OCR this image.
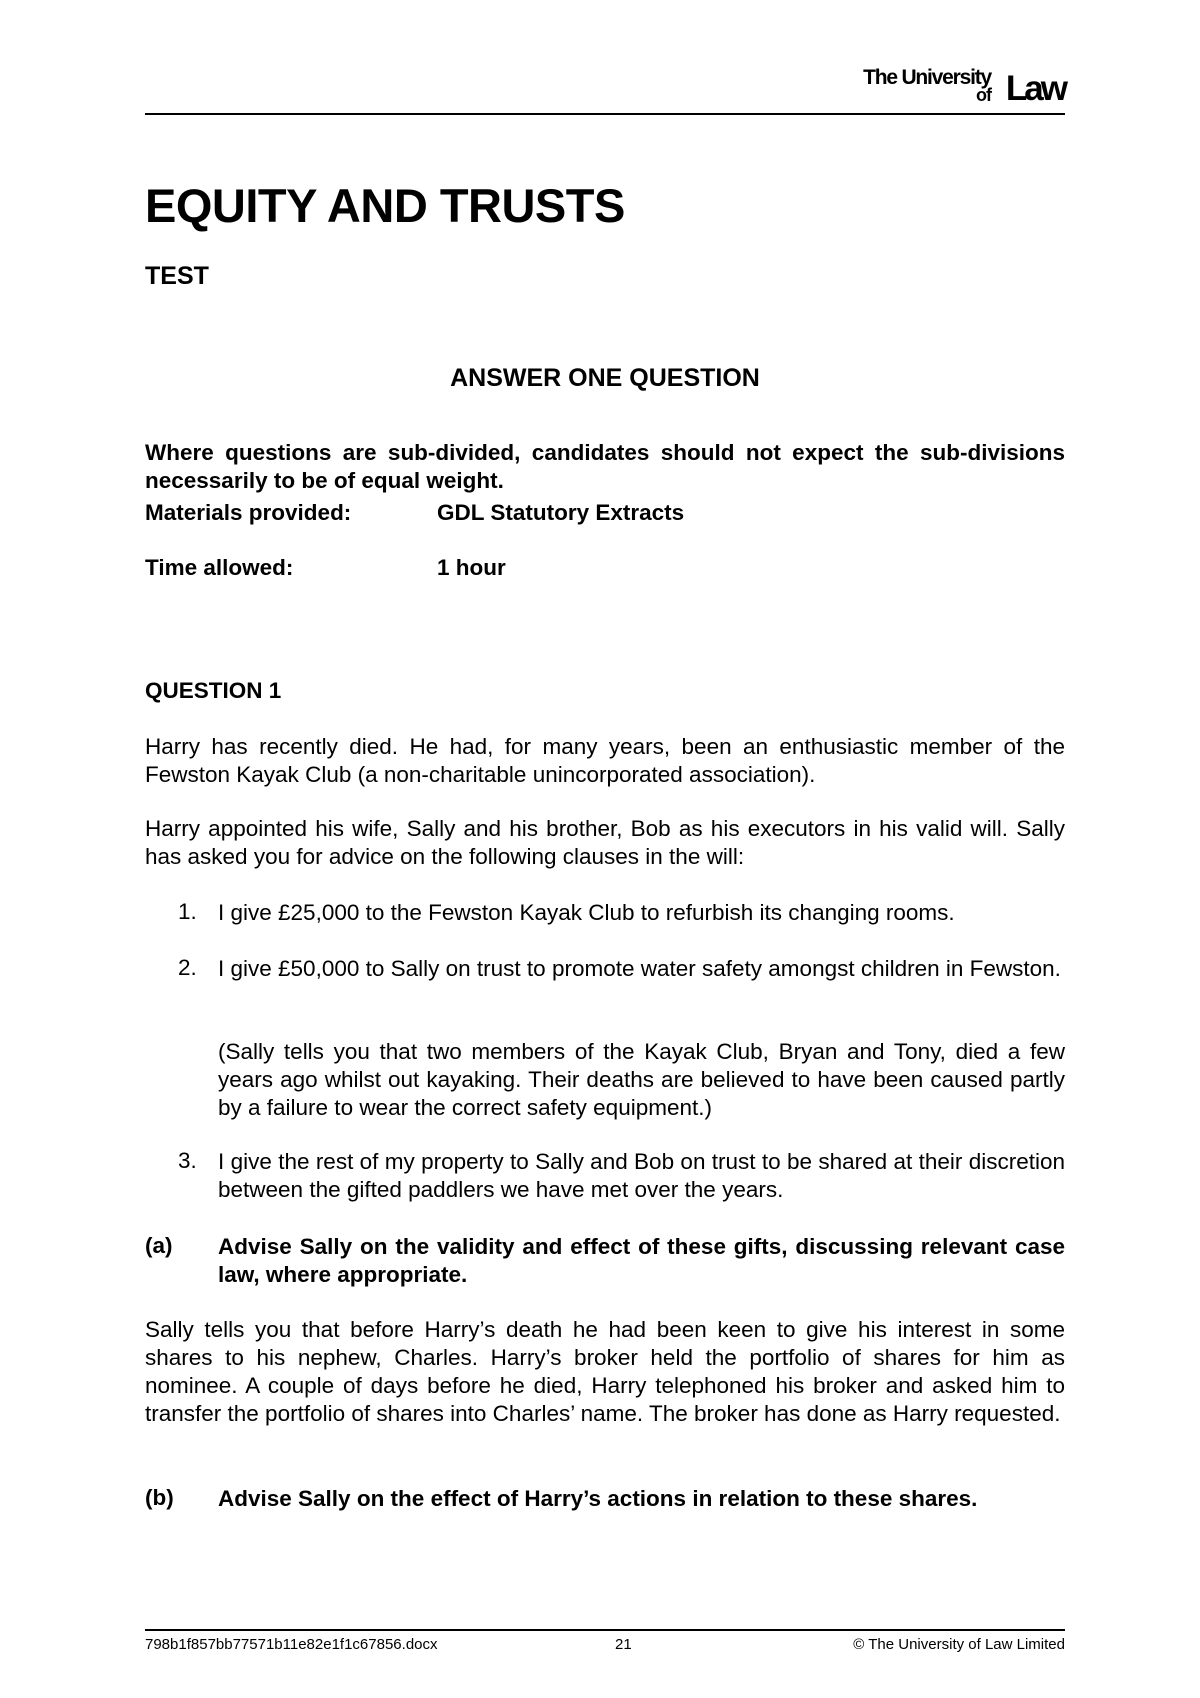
The University
of Law
EQUITY AND TRUSTS

TEST

ANSWER ONE QUESTION

Where questions are sub-divided, candidates should not expect the sub-divisions necessarily to be of equal weight.

Materials provided:	GDL Statutory Extracts
Time allowed:	1 hour

QUESTION 1

Harry has recently died. He had, for many years, been an enthusiastic member of the Fewston Kayak Club (a non-charitable unincorporated association).

Harry appointed his wife, Sally and his brother, Bob as his executors in his valid will. Sally has asked you for advice on the following clauses in the will:

1. I give £25,000 to the Fewston Kayak Club to refurbish its changing rooms.

2. I give £50,000 to Sally on trust to promote water safety amongst children in Fewston.

(Sally tells you that two members of the Kayak Club, Bryan and Tony, died a few years ago whilst out kayaking. Their deaths are believed to have been caused partly by a failure to wear the correct safety equipment.)

3. I give the rest of my property to Sally and Bob on trust to be shared at their discretion between the gifted paddlers we have met over the years.

(a) Advise Sally on the validity and effect of these gifts, discussing relevant case law, where appropriate.

Sally tells you that before Harry’s death he had been keen to give his interest in some shares to his nephew, Charles. Harry’s broker held the portfolio of shares for him as nominee. A couple of days before he died, Harry telephoned his broker and asked him to transfer the portfolio of shares into Charles’ name. The broker has done as Harry requested.

(b) Advise Sally on the effect of Harry’s actions in relation to these shares.

798b1f857bb77571b11e82e1f1c67856.docx	21	© The University of Law Limited
